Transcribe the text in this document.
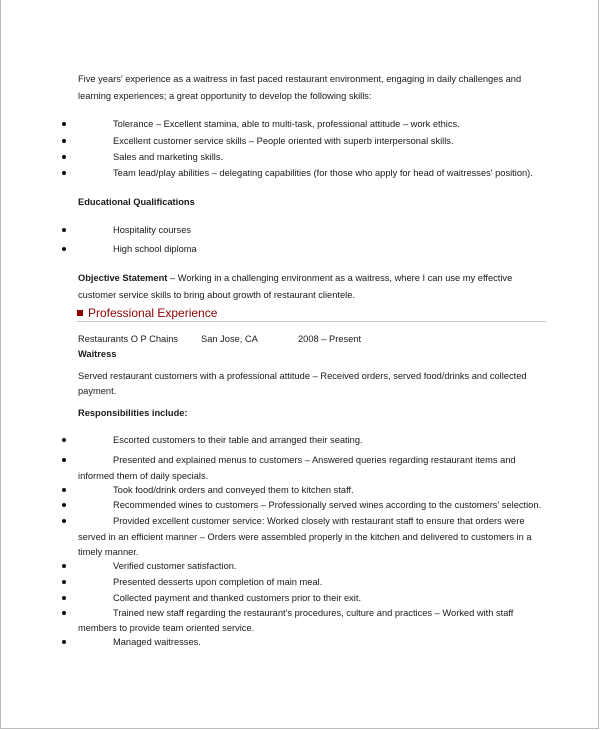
Five years' experience as a waitress in fast paced restaurant environment, engaging in daily challenges and
learning experiences; a great opportunity to develop the following skills:
Tolerance – Excellent stamina, able to multi-task, professional attitude – work ethics.
Excellent customer service skills – People oriented with superb interpersonal skills.
Sales and marketing skills.
Team lead/play abilities – delegating capabilities (for those who apply for head of waitresses' position).
Educational Qualifications
Hospitality courses
High school diploma
Objective Statement – Working in a challenging environment as a waitress, where I can use my effective
customer service skills to bring about growth of restaurant clientele.
Professional Experience
Restaurants O P Chains San Jose, CA	2008 – Present
Waitress
Served restaurant customers with a professional attitude – Received orders, served food/drinks and collected
payment.
Responsibilities include:
Escorted customers to their table and arranged their seating.
Presented and explained menus to customers – Answered queries regarding restaurant items and
informed them of daily specials.
Took food/drink orders and conveyed them to kitchen staff.
Recommended wines to customers – Professionally served wines according to the customers' selection.
Provided excellent customer service: Worked closely with restaurant staff to ensure that orders were
served in an efficient manner – Orders were assembled properly in the kitchen and delivered to customers in a
timely manner.
Verified customer satisfaction.
Presented desserts upon completion of main meal.
Collected payment and thanked customers prior to their exit.
Trained new staff regarding the restaurant's procedures, culture and practices – Worked with staff
members to provide team oriented service.
Managed waitresses.
